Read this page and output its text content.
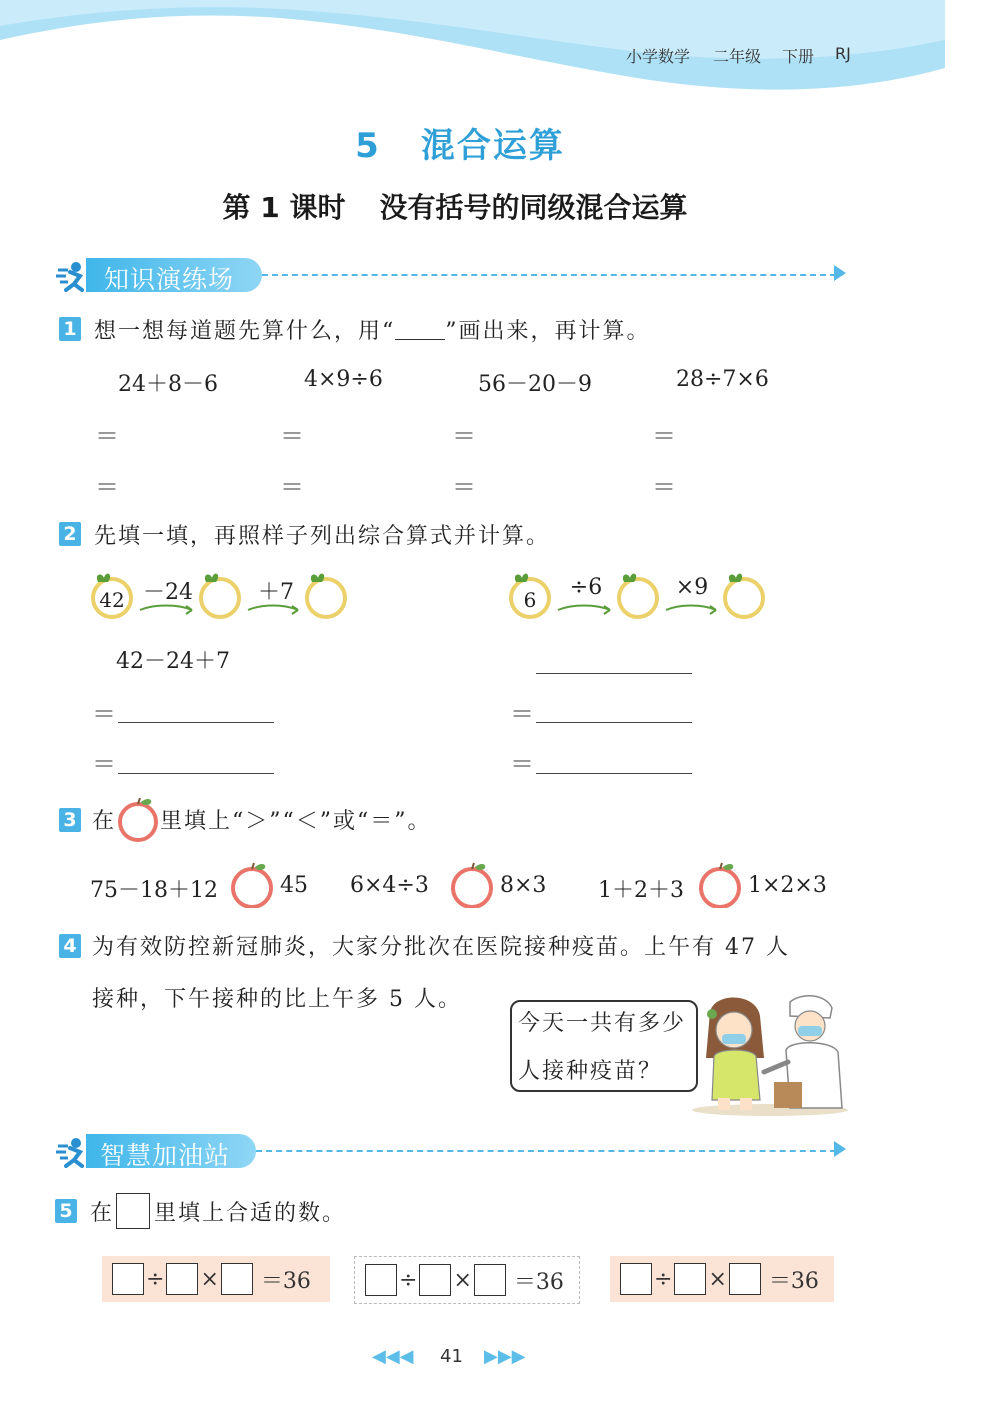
小学数学 二年级 下册 RJ
5 混合运算
第 1 课时 没有括号的同级混合运算
知识演练场
1 想一想每道题先算什么，用“ ”画出来，再计算。
24＋8－6	4×9÷6	56－20－9	28÷7×6
＝	＝	＝	＝
＝	＝	＝	＝
2 先填一填，再照样子列出综合算式并计算。
42 －24	＋7	6	÷6	×9
42－24＋7
＝
＝
＝
＝
3 在 里填上“＞”“＜”或“＝”。
75－18＋12	45 6×4÷3	8×3 1＋2＋3	1×2×3
4 为有效防控新冠肺炎，大家分批次在医院接种疫苗。上午有 47 人
接种，下午接种的比上午多 5 人。
今天一共有多少
人接种疫苗？
智慧加油站
5 在 里填上合适的数。
÷ × ＝36	÷ × ＝36	÷ × ＝36
◀◀◀ 41 ▶▶▶
